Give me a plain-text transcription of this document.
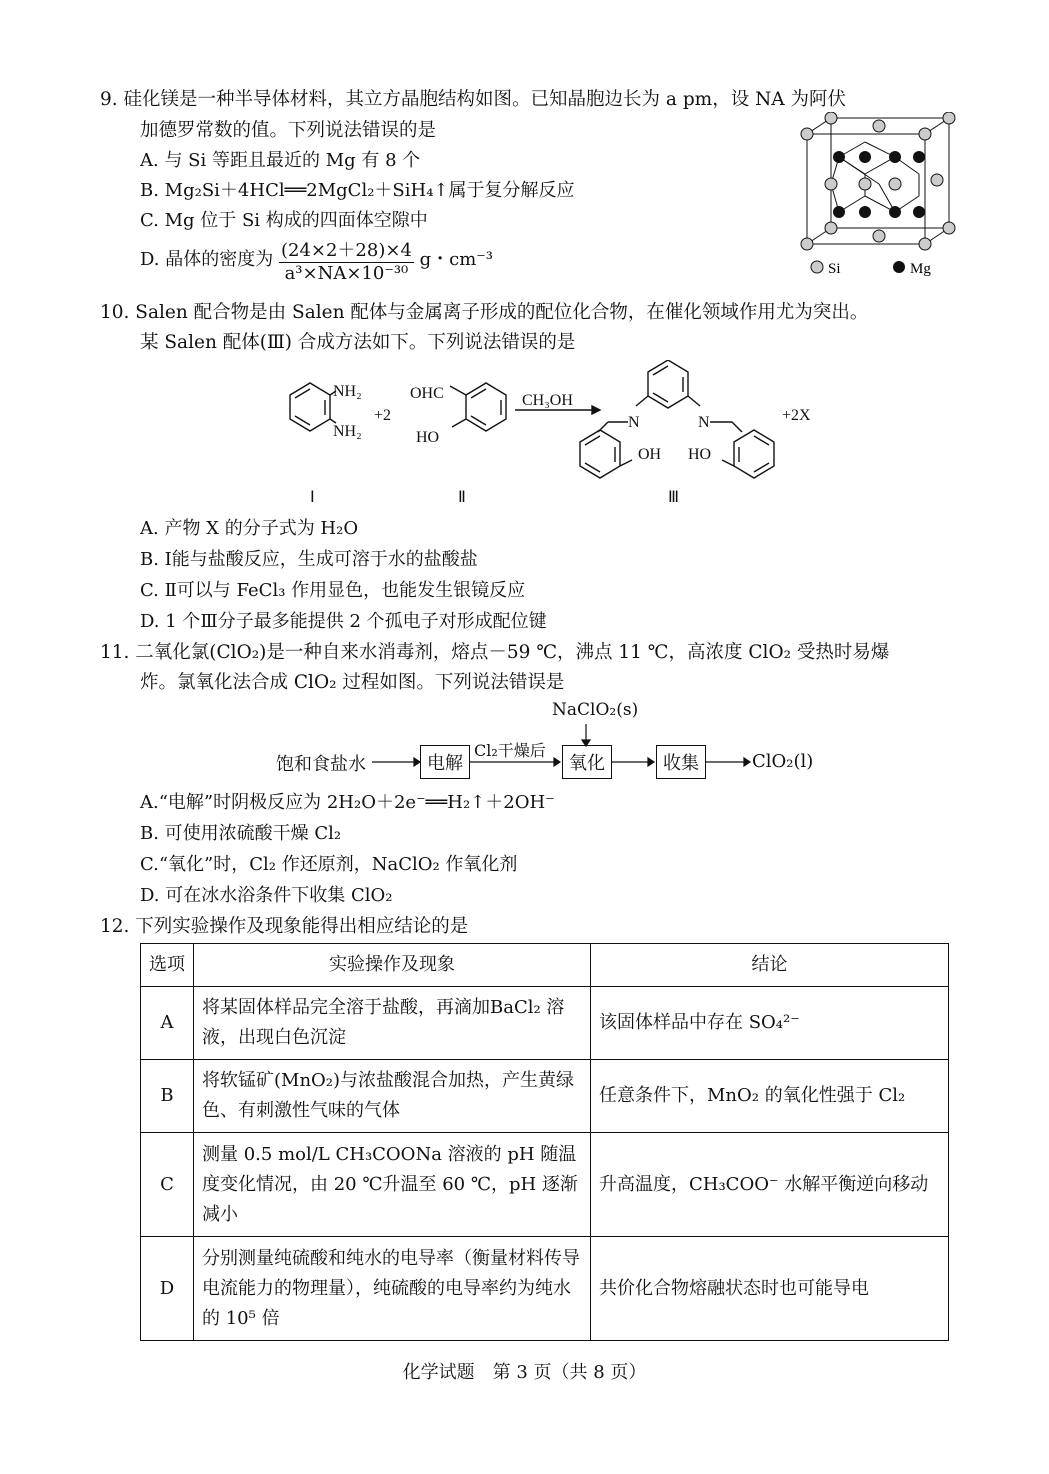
9. 硅化镁是一种半导体材料，其立方晶胞结构如图。已知晶胞边长为 a pm，设 NA 为阿伏
加德罗常数的值。下列说法错误的是
A. 与 Si 等距且最近的 Mg 有 8 个
B. Mg₂Si＋4HCl══2MgCl₂＋SiH₄↑属于复分解反应
C. Mg 位于 Si 构成的四面体空隙中
D. 晶体的密度为 $\frac{(24\times 2+28)\times 4}{\text{a³×NA×10⁻³⁰}}$ g・cm⁻³	Si	Mg
10. Salen 配合物是由 Salen 配体与金属离子形成的配位化合物，在催化领域作用尤为突出。
某 Salen 配体(Ⅲ) 合成方法如下。下列说法错误的是
NH₂
NH₂
+2
OHC
HO
CH₃OH
N	N
OH HO
+2X
Ⅰ	Ⅱ	Ⅲ
A. 产物 X 的分子式为 H₂O
B. Ⅰ能与盐酸反应，生成可溶于水的盐酸盐
C. Ⅱ可以与 FeCl₃ 作用显色，也能发生银镜反应
D. 1 个Ⅲ分子最多能提供 2 个孤电子对形成配位键
11. 二氧化氯(ClO₂)是一种自来水消毒剂，熔点－59 ℃，沸点 11 ℃，高浓度 ClO₂ 受热时易爆
炸。氯氧化法合成 ClO₂ 过程如图。下列说法错误是
NaClO₂(s)
饱和食盐水	电解
Cl₂干燥后
氧化	收集	ClO₂(l)
A.“电解”时阴极反应为 2H₂O＋2e⁻══H₂↑＋2OH⁻
B. 可使用浓硫酸干燥 Cl₂
C.“氧化”时，Cl₂ 作还原剂，NaClO₂ 作氧化剂
D. 可在冰水浴条件下收集 ClO₂
12. 下列实验操作及现象能得出相应结论的是
选项	实验操作及现象	结论
A	将某固体样品完全溶于盐酸，再滴加BaCl₂ 溶液，出现白色沉淀	该固体样品中存在 SO₄²⁻
B	将软锰矿(MnO₂)与浓盐酸混合加热，产生黄绿色、有刺激性气味的气体	任意条件下，MnO₂ 的氧化性强于 Cl₂
C	测量 0.5 mol/L CH₃COONa 溶液的 pH 随温度变化情况，由 20 ℃升温至 60 ℃，pH 逐渐减小	升高温度，CH₃COO⁻ 水解平衡逆向移动
D	分别测量纯硫酸和纯水的电导率（衡量材料传导电流能力的物理量），纯硫酸的电导率约为纯水的 10⁵ 倍	共价化合物熔融状态时也可能导电
化学试题　第 3 页（共 8 页）
